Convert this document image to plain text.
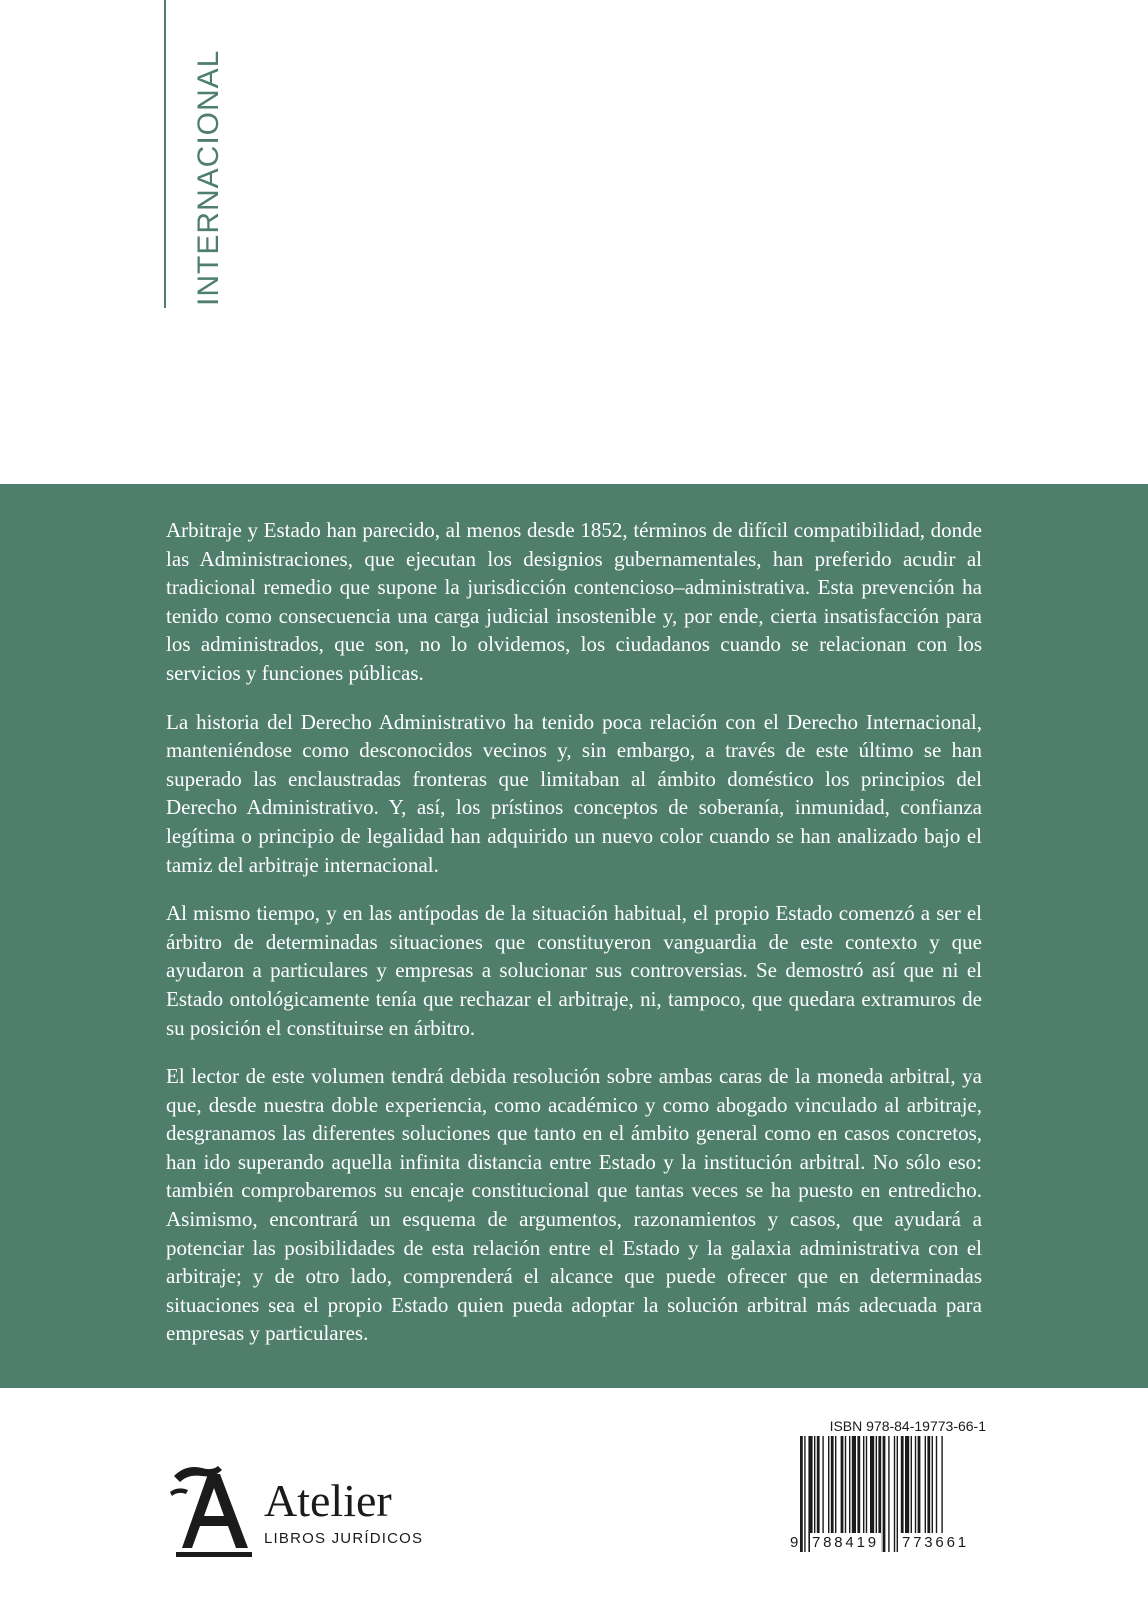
INTERNACIONAL

Arbitraje y Estado han parecido, al menos desde 1852, términos de difícil compatibilidad, donde las Administraciones, que ejecutan los designios gubernamentales, han preferido acudir al tradicional remedio que supone la jurisdicción contencioso–administrativa. Esta prevención ha tenido como consecuencia una carga judicial insostenible y, por ende, cierta insatisfacción para los administrados, que son, no lo olvidemos, los ciudadanos cuando se relacionan con los servicios y funciones públicas.

La historia del Derecho Administrativo ha tenido poca relación con el Derecho Internacional, manteniéndose como desconocidos vecinos y, sin embargo, a través de este último se han superado las enclaustradas fronteras que limitaban al ámbito doméstico los principios del Derecho Administrativo. Y, así, los prístinos conceptos de soberanía, inmunidad, confianza legítima o principio de legalidad han adquirido un nuevo color cuando se han analizado bajo el tamiz del arbitraje internacional.

Al mismo tiempo, y en las antípodas de la situación habitual, el propio Estado comenzó a ser el árbitro de determinadas situaciones que constituyeron vanguardia de este contexto y que ayudaron a particulares y empresas a solucionar sus controversias. Se demostró así que ni el Estado ontológicamente tenía que rechazar el arbitraje, ni, tampoco, que quedara extramuros de su posición el constituirse en árbitro.

El lector de este volumen tendrá debida resolución sobre ambas caras de la moneda arbitral, ya que, desde nuestra doble experiencia, como académico y como abogado vinculado al arbitraje, desgranamos las diferentes soluciones que tanto en el ámbito general como en casos concretos, han ido superando aquella infinita distancia entre Estado y la institución arbitral. No sólo eso: también comprobaremos su encaje constitucional que tantas veces se ha puesto en entredicho. Asimismo, encontrará un esquema de argumentos, razonamientos y casos, que ayudará a potenciar las posibilidades de esta relación entre el Estado y la galaxia administrativa con el arbitraje; y de otro lado, comprenderá el alcance que puede ofrecer que en determinadas situaciones sea el propio Estado quien pueda adoptar la solución arbitral más adecuada para empresas y particulares.

Atelier
LIBROS JURÍDICOS
ISBN 978-84-19773-66-1
9 788419 773661
